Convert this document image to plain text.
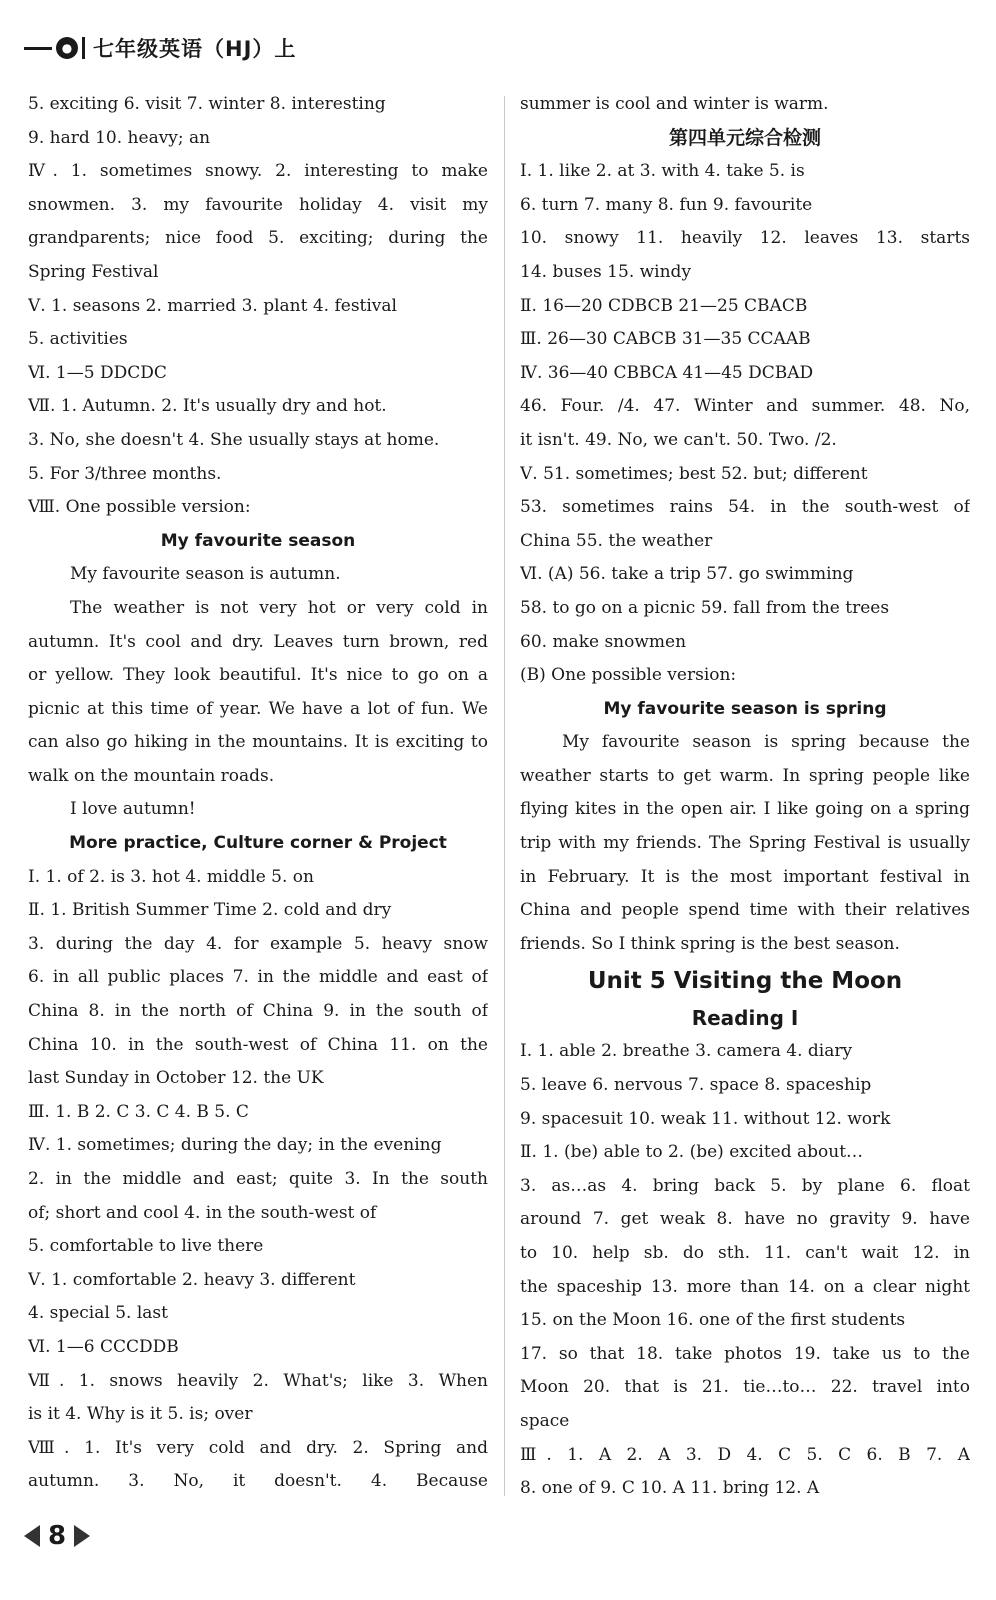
● 七年级英语（HJ）上
5. exciting 6. visit 7. winter 8. interesting
9. hard 10. heavy; an
Ⅳ. 1. sometimes snowy. 2. interesting to make
snowmen. 3. my favourite holiday 4. visit my
grandparents; nice food 5. exciting; during the
Spring Festival
Ⅴ. 1. seasons 2. married 3. plant 4. festival
5. activities
Ⅵ. 1—5 DDCDC
Ⅶ. 1. Autumn. 2. It's usually dry and hot.
3. No, she doesn't 4. She usually stays at home.
5. For 3/three months.
Ⅷ. One possible version:
My favourite season
My favourite season is autumn.
The weather is not very hot or very cold in
autumn. It's cool and dry. Leaves turn brown, red
or yellow. They look beautiful. It's nice to go on a
picnic at this time of year. We have a lot of fun. We
can also go hiking in the mountains. It is exciting to
walk on the mountain roads.
I love autumn!
More practice, Culture corner & Project
Ⅰ. 1. of 2. is 3. hot 4. middle 5. on
Ⅱ. 1. British Summer Time 2. cold and dry
3. during the day 4. for example 5. heavy snow
6. in all public places 7. in the middle and east of
China 8. in the north of China 9. in the south of
China 10. in the south-west of China 11. on the
last Sunday in October 12. the UK
Ⅲ. 1. B 2. C 3. C 4. B 5. C
Ⅳ. 1. sometimes; during the day; in the evening
2. in the middle and east; quite 3. In the south
of; short and cool 4. in the south-west of
5. comfortable to live there
Ⅴ. 1. comfortable 2. heavy 3. different
4. special 5. last
Ⅵ. 1—6 CCCDDB
Ⅶ. 1. snows heavily 2. What's; like 3. When
is it 4. Why is it 5. is; over
Ⅷ. 1. It's very cold and dry. 2. Spring and
autumn. 3. No, it doesn't. 4. Because
summer is cool and winter is warm.
第四单元综合检测
Ⅰ. 1. like 2. at 3. with 4. take 5. is
6. turn 7. many 8. fun 9. favourite
10. snowy 11. heavily 12. leaves 13. starts
14. buses 15. windy
Ⅱ. 16—20 CDBCB 21—25 CBACB
Ⅲ. 26—30 CABCB 31—35 CCAAB
Ⅳ. 36—40 CBBCA 41—45 DCBAD
46. Four. /4. 47. Winter and summer. 48. No,
it isn't. 49. No, we can't. 50. Two. /2.
Ⅴ. 51. sometimes; best 52. but; different
53. sometimes rains 54. in the south-west of
China 55. the weather
Ⅵ. (A) 56. take a trip 57. go swimming
58. to go on a picnic 59. fall from the trees
60. make snowmen
(B) One possible version:
My favourite season is spring
My favourite season is spring because the
weather starts to get warm. In spring people like
flying kites in the open air. I like going on a spring
trip with my friends. The Spring Festival is usually
in February. It is the most important festival in
China and people spend time with their relatives
friends. So I think spring is the best season.
Unit 5 Visiting the Moon
Reading Ⅰ
Ⅰ. 1. able 2. breathe 3. camera 4. diary
5. leave 6. nervous 7. space 8. spaceship
9. spacesuit 10. weak 11. without 12. work
Ⅱ. 1. (be) able to 2. (be) excited about…
3. as…as 4. bring back 5. by plane 6. float
around 7. get weak 8. have no gravity 9. have
to 10. help sb. do sth. 11. can't wait 12. in
the spaceship 13. more than 14. on a clear night
15. on the Moon 16. one of the first students
17. so that 18. take photos 19. take us to the
Moon 20. that is 21. tie…to… 22. travel into
space
Ⅲ. 1. A 2. A 3. D 4. C 5. C 6. B 7. A
8. one of 9. C 10. A 11. bring 12. A
8
